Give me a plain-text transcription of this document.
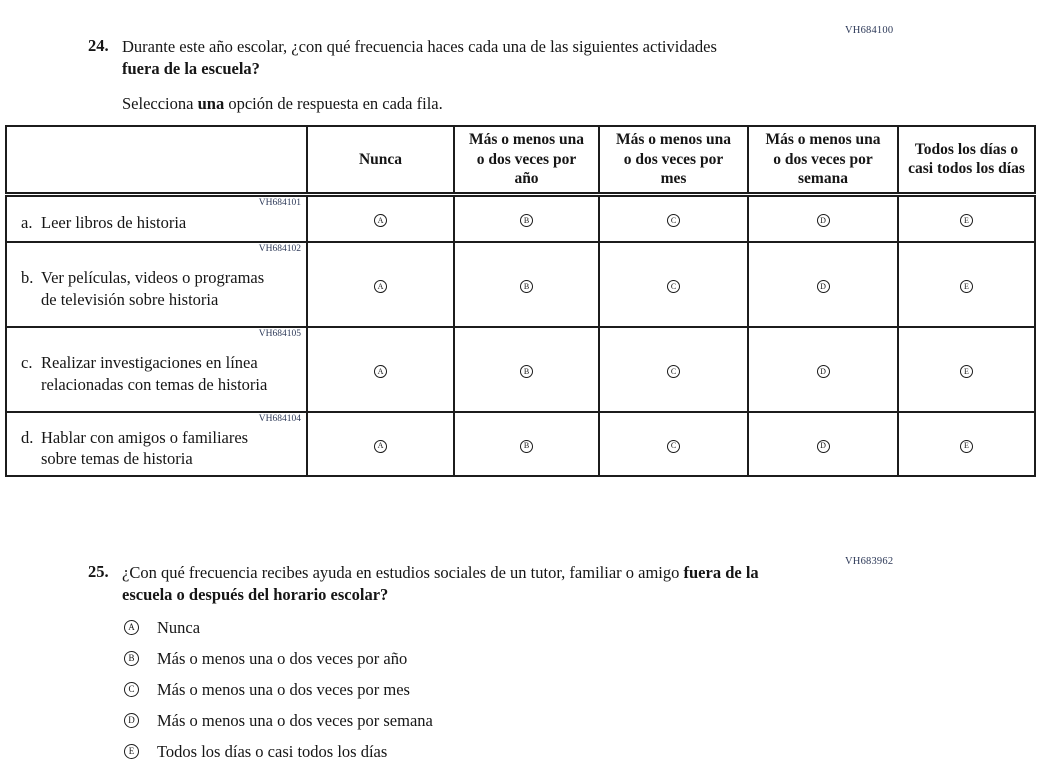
VH684100
24. Durante este año escolar, ¿con qué frecuencia haces cada una de las siguientes actividades fuera de la escuela?

Selecciona una opción de respuesta en cada fila.

	Nunca	Más o menos una o dos veces por año	Más o menos una o dos veces por mes	Más o menos una o dos veces por semana	Todos los días o casi todos los días

VH684101
a. Leer libros de historia	A	B	C	D	E

VH684102
b. Ver películas, videos o programas de televisión sobre historia	A	B	C	D	E

VH684105
c. Realizar investigaciones en línea relacionadas con temas de historia	A	B	C	D	E

VH684104
d. Hablar con amigos o familiares sobre temas de historia	A	B	C	D	E
VH683962
25. ¿Con qué frecuencia recibes ayuda en estudios sociales de un tutor, familiar o amigo fuera de la escuela o después del horario escolar?

A Nunca
B Más o menos una o dos veces por año
C Más o menos una o dos veces por mes
D Más o menos una o dos veces por semana
E Todos los días o casi todos los días
